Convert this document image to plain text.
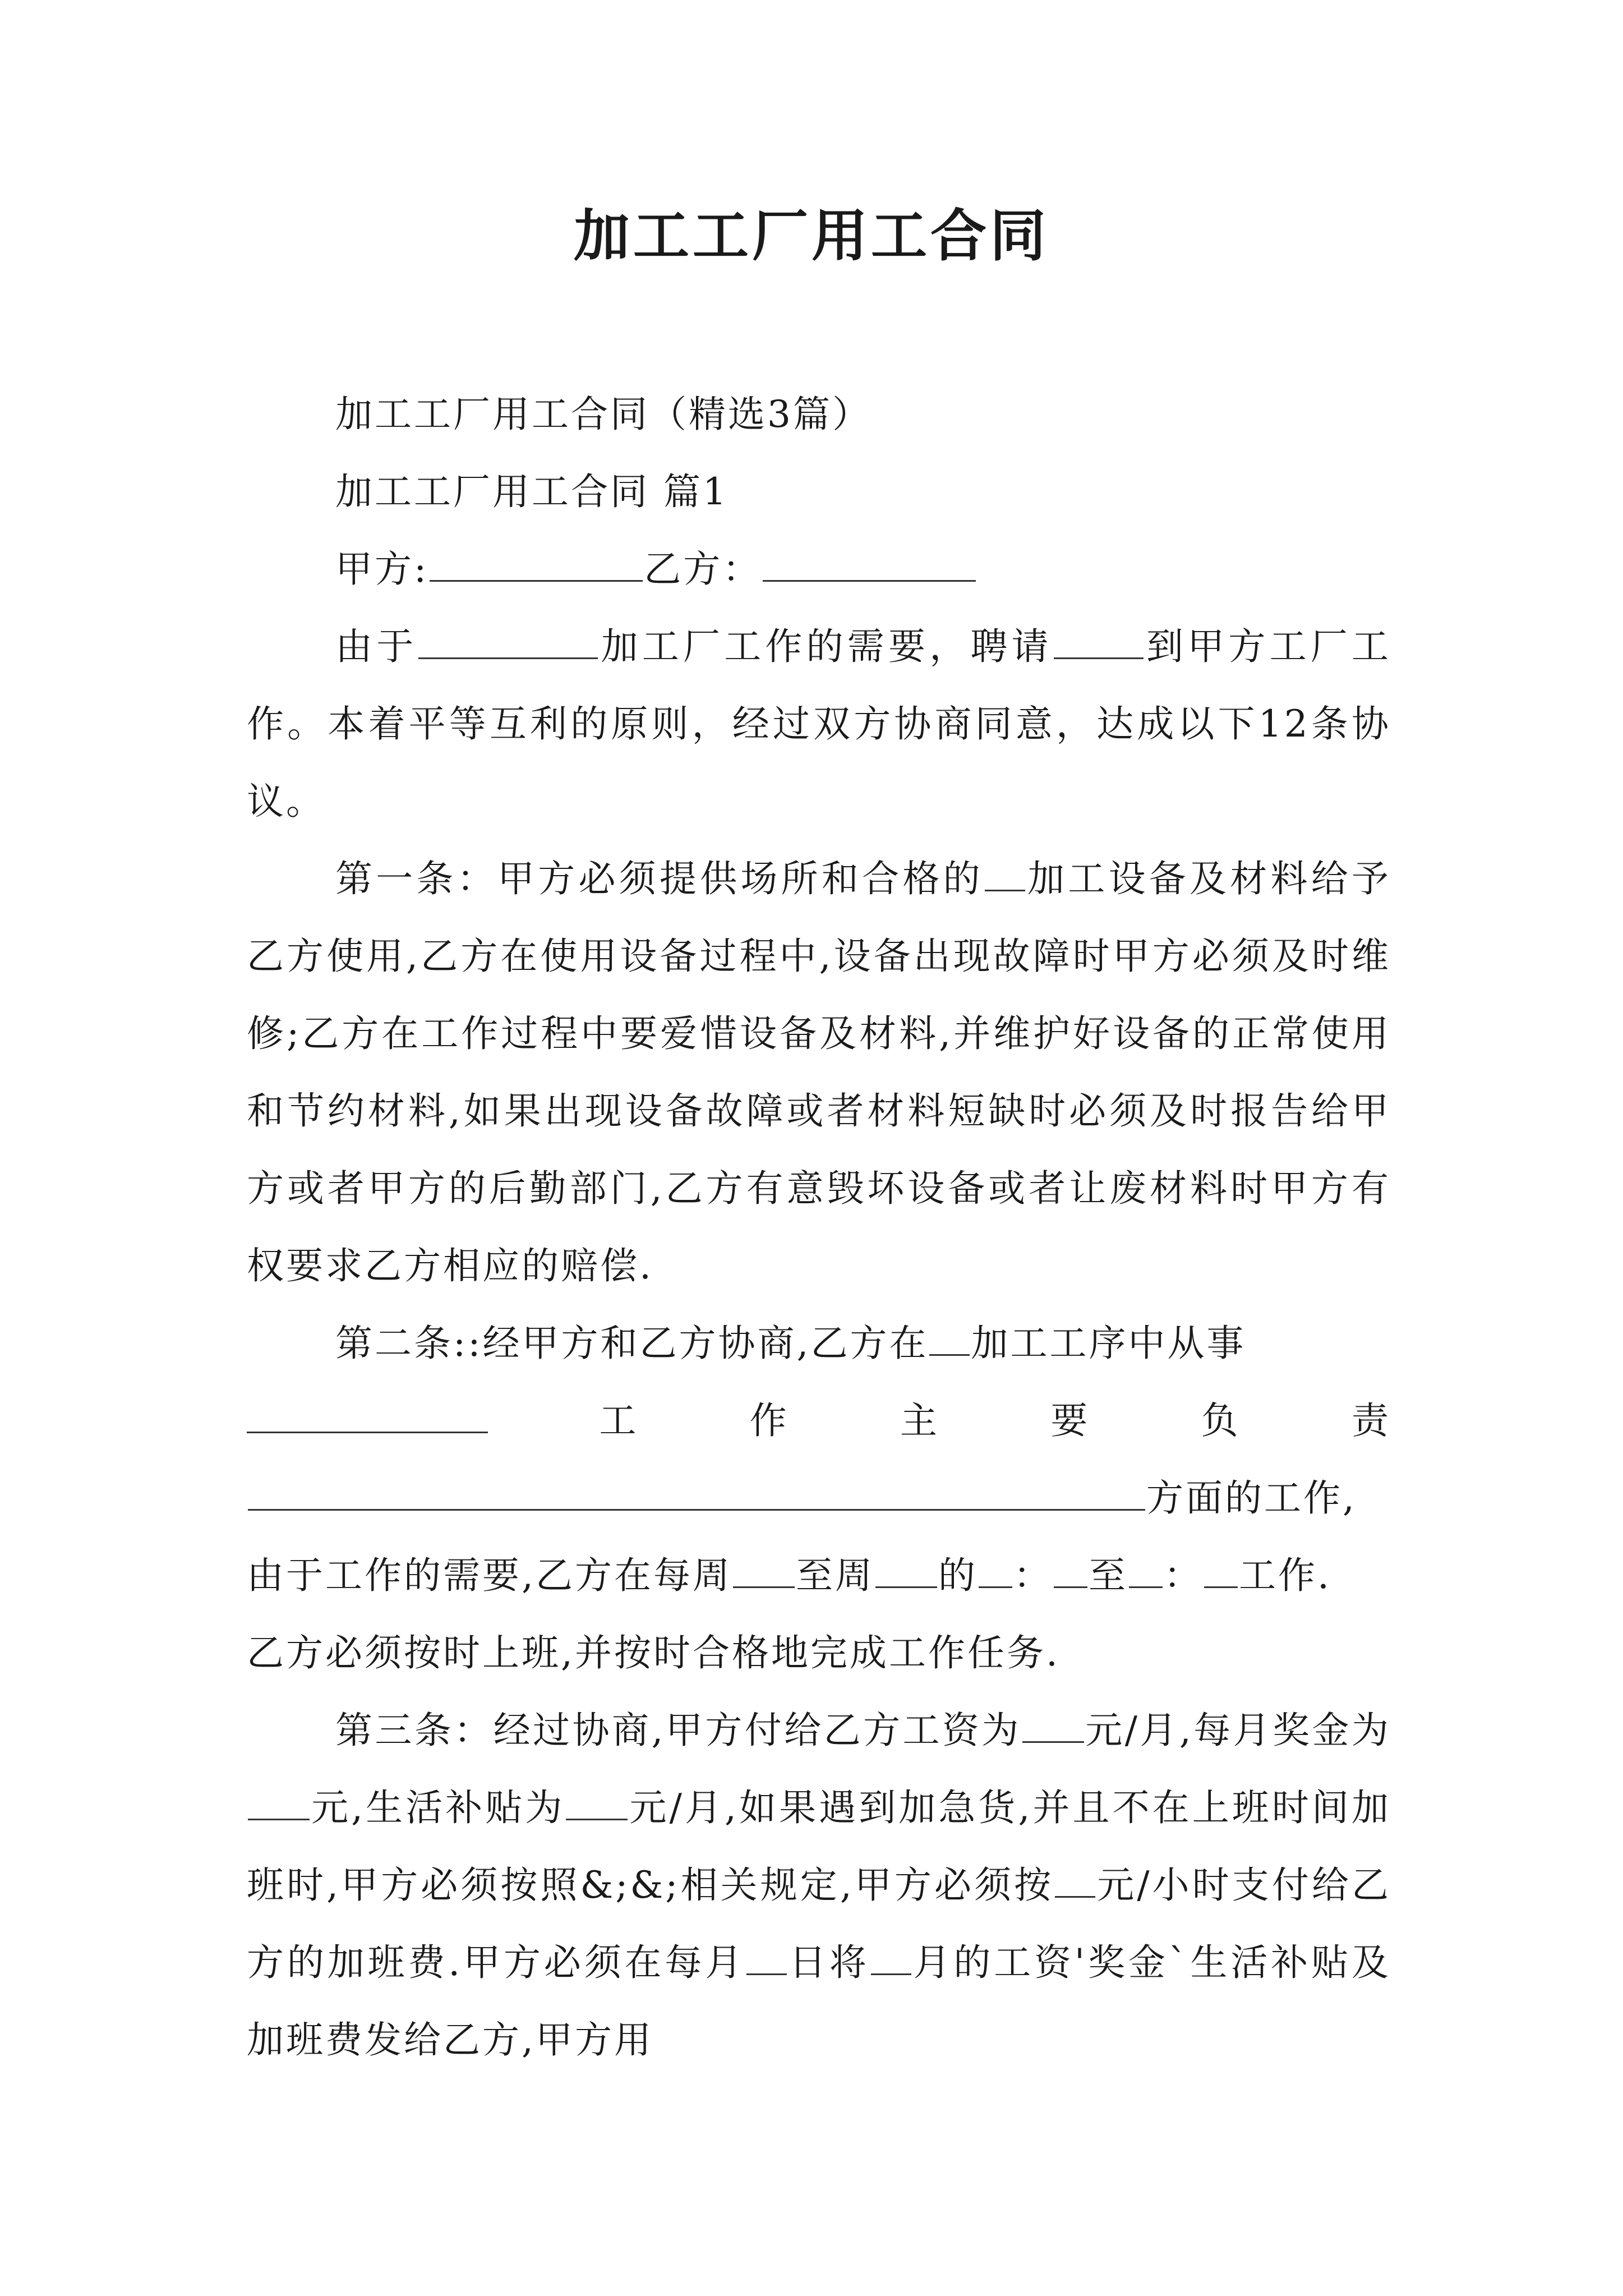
加工工厂用工合同

加工工厂用工合同（精选3篇）

加工工厂用工合同 篇1

甲方:	乙方：

由于	加工厂工作的需要，聘请 到甲方工厂工作。本着平等互利的原则，经过双方协商同意，达成以下12条协议。

第一条：甲方必须提供场所和合格的 加工设备及材料给予乙方使用,乙方在使用设备过程中,设备出现故障时甲方必须及时维修;乙方在工作过程中要爱惜设备及材料,并维护好设备的正常使用和节约材料,如果出现设备故障或者材料短缺时必须及时报告给甲方或者甲方的后勤部门,乙方有意毁坏设备或者让废材料时甲方有权要求乙方相应的赔偿.

第二条::经甲方和乙方协商,乙方在 加工工序中从事

工	作	主	要	负	责

方面的工作,

由于工作的需要,乙方在每周 至周 的 ： 至 ： 工作.

乙方必须按时上班,并按时合格地完成工作任务.

第三条：经过协商,甲方付给乙方工资为 元/月,每月奖金为元,生活补贴为 元/月,如果遇到加急货,并且不在上班时间加班时,甲方必须按照&;&;相关规定,甲方必须按 元/小时支付给乙方的加班费.甲方必须在每月 日将 月的工资'奖金`生活补贴及加班费发给乙方,甲方用
